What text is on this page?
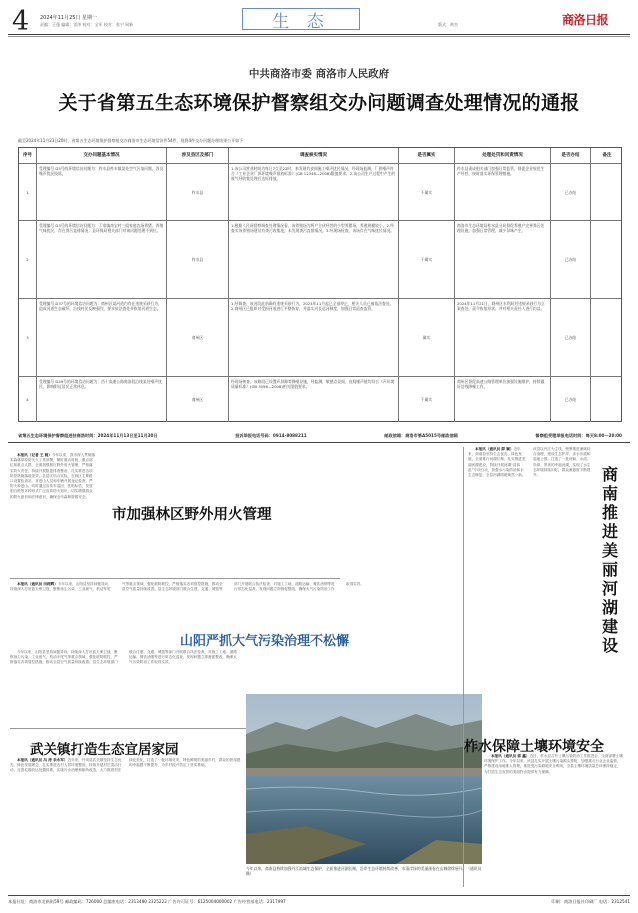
4 2024年11月25日 星期一
责编：王蓬 编辑：雷莎 校对：宝军 校对：张宁 网新	生 态	版式：黄杰	商洛日报
中共商洛市委 商洛市人民政府
关于省第五生态环境保护督察组交办问题调查处理情况的通报
截至2024年11月23日20时，省第五生态环境保护督察组交办商洛市生态环境信访件54件，现将4件交办问题办理结果公开如下：
序号	交办问题基本情况	涉及县区及部门	调查核实情况	是否属实	处理处罚和问责情况	是否办结	备注
1
受理编号 D5号的环境信访问题为：柞水县柞水镇某处空气污染问题，涉及噪声扰民投诉。
柞水县
1.该公司营业时间为每日7点至22时，来发现有夜间施工噪声扰民情况，经现场监测，厂界噪声符合《工业企业厂界环境噪声排放标准》(GB 12348—2008)限值要求。2.该公司生产过程中产生的废气经收集处理后达标排放。
不属实
柞水县责成相关部门加强日常监管，督促企业规范生产经营，按时落实环保管理措施。
已办结
2
受理编号 D3号的环境信访问题为：丁家镇南宝村三组家庭农场养猪，养殖气味扰民，存在粪污直排情况；县环保局相关部门对该问题处理不到位。
柞水县
1.根据人民网督察调查处理情况看，该养殖场为两户合伙经营的小型养猪场，养殖规模较小。2.经查实该养殖场建设有粪污收集池，未发现粪污直排情况。3.经现场检查，该场存在气味扰民情况。
不属实
商洛市生态环境局柞水县分局督促养殖户完善粪污处理设施，加强日常管理，减少异味产生。
已办结
3
受理编号 D37号的环境信访问题为：商州区某河道内存在违规采砂行为，造成河道生态破坏，沿线村民反映强烈，要求依法查处并恢复河道生态。
商州区
1.经调查，该河段此前确有违规采砂行为，2024年11月起已全部停止，相关人员已被依法查处。2.商州区已组织对受损河道进行平整恢复，并落实河长巡河制度，加强日常巡查监管。
属实
2024年11月21日，商州区水利局对违规采砂行为立案查处，责令恢复原状，并对相关责任人进行约谈。
已办结
4
受理编号 D49号的环境信访问题为：西十高速公路商洛段沿线某处噪声扰民，影响附近居民正常休息。
商州区
经现场核查，该路段已设置声屏障等降噪设施，经监测，敏感点昼间、夜间噪声值均符合《声环境质量标准》(GB 3096—2008)相关限值要求。
不属实
商州区督促高速公路管理单位加强设施维护，持续做好沿线降噪工作。
已办结
省第五生态环境保护督察组进驻商洛时间：2024年11月13日至11月30日	投诉举报电话号码：0914-8088211	邮政信箱：商洛市第A5015号邮政信箱	督察组受理举报电话时间：每天8:00—20:00
市加强林区野外用火管理

本报讯（记者 王 娟）今年以来，我市深入贯彻落实森林草原防灭火工作部署，紧盯重点时段、重点部位和重点人群，全面加强林区野外用火管理，严格落实防火责任，持续开展隐患排查整治，扎实推进各项防控措施落地见效。各县区结合实际，在林区主要路口设置检查站，对进山人员和车辆开展登记检查，严防火种进山。同时通过宣传车巡回、张贴标语、发放明白纸等多种形式广泛宣传防火知识，切实增强群众的防火意识和法律意识，确保全市森林资源安全。

山阳严抓大气污染治理不松懈

本报讯（通讯员 田师辉）今年以来，山阳县坚持问题导向，持续深入打好蓝天保卫战，聚焦扬尘污染、工业废气、机动车尾气等重点领域，强化联防联控，严格落实各项管控措施，推动全县空气质量持续改善。县生态环境部门联合住建、交通、城管等部门开展联合执法检查，对施工工地、道路运输、餐饮油烟等进行常态化巡查，发现问题立即督促整改，确保大气污染防治工作取得实效。

今年以来，山阳县坚持问题导向，持续深入打好蓝天保卫战，聚焦扬尘污染、工业废气、机动车尾气等重点领域，强化联防联控，严格落实各项管控措施，推动全县空气质量持续改善。县生态环境部门联合住建、交通、城管等部门开展联合执法检查，对施工工地、道路运输、餐饮油烟等进行常态化巡查，发现问题立即督促整改，确保大气污染防治工作取得实效。

武关镇打造生态宜居家园

本报讯（通讯员 冯 涛 李永军）近年来，丹凤县武关镇坚持生态优先、绿色发展理念，扎实推进农村人居环境整治，持续开展村庄清洁行动，完善垃圾收运处置体系，实施污水治理和厕所改造，大力推进村庄绿化美化，打造了一批环境优美、特色鲜明的美丽乡村，群众的获得感和幸福感不断提升，为乡村振兴奠定了坚实基础。

今年以来，商南县持续加强丹江流域生态保护，全面推进河湖长制，沿岸生态环境持续改善，水清岸绿的美丽画卷在山城徐徐展开。（通讯员 摄）
柞水保障土壤环境安全

本报讯（通讯员 郭 鑫）近日，柞水县召开土壤污染防治工作推进会，全面部署土壤环境保护工作。今年以来，该县扎实开展土壤污染源头预防，加强重点行业企业监管，严格建设用地准入管理，推进受污染耕地安全利用，全县土壤环境质量总体保持稳定，为打造生态宜居的美丽柞水提供有力保障。

本报讯（通讯员 薛 颖）近年来，商南县坚持生态优先、绿色发展，全面推行河湖长制，扎实推进美丽河湖建设，持续开展河湖“清四乱”专项行动，加强水污染防治和水生态修复，全县河湖面貌焕然一新。该县以丹江为主线，统筹推进流域综合治理，建设生态护岸、亲水步道和湿地公园，打造了一批河畅、水清、岸绿、景美的幸福河湖，实现了水生态环境持续向好，群众满意度不断提升。	商南推进美丽河湖建设
本报社址：商洛市北新街59号 邮政编码：726000 总编室电话：2313480 2325222 广告许可证号：6125004000002 广告经营部电话：2317997	印刷：商洛日报社印刷厂 电话：2312541
